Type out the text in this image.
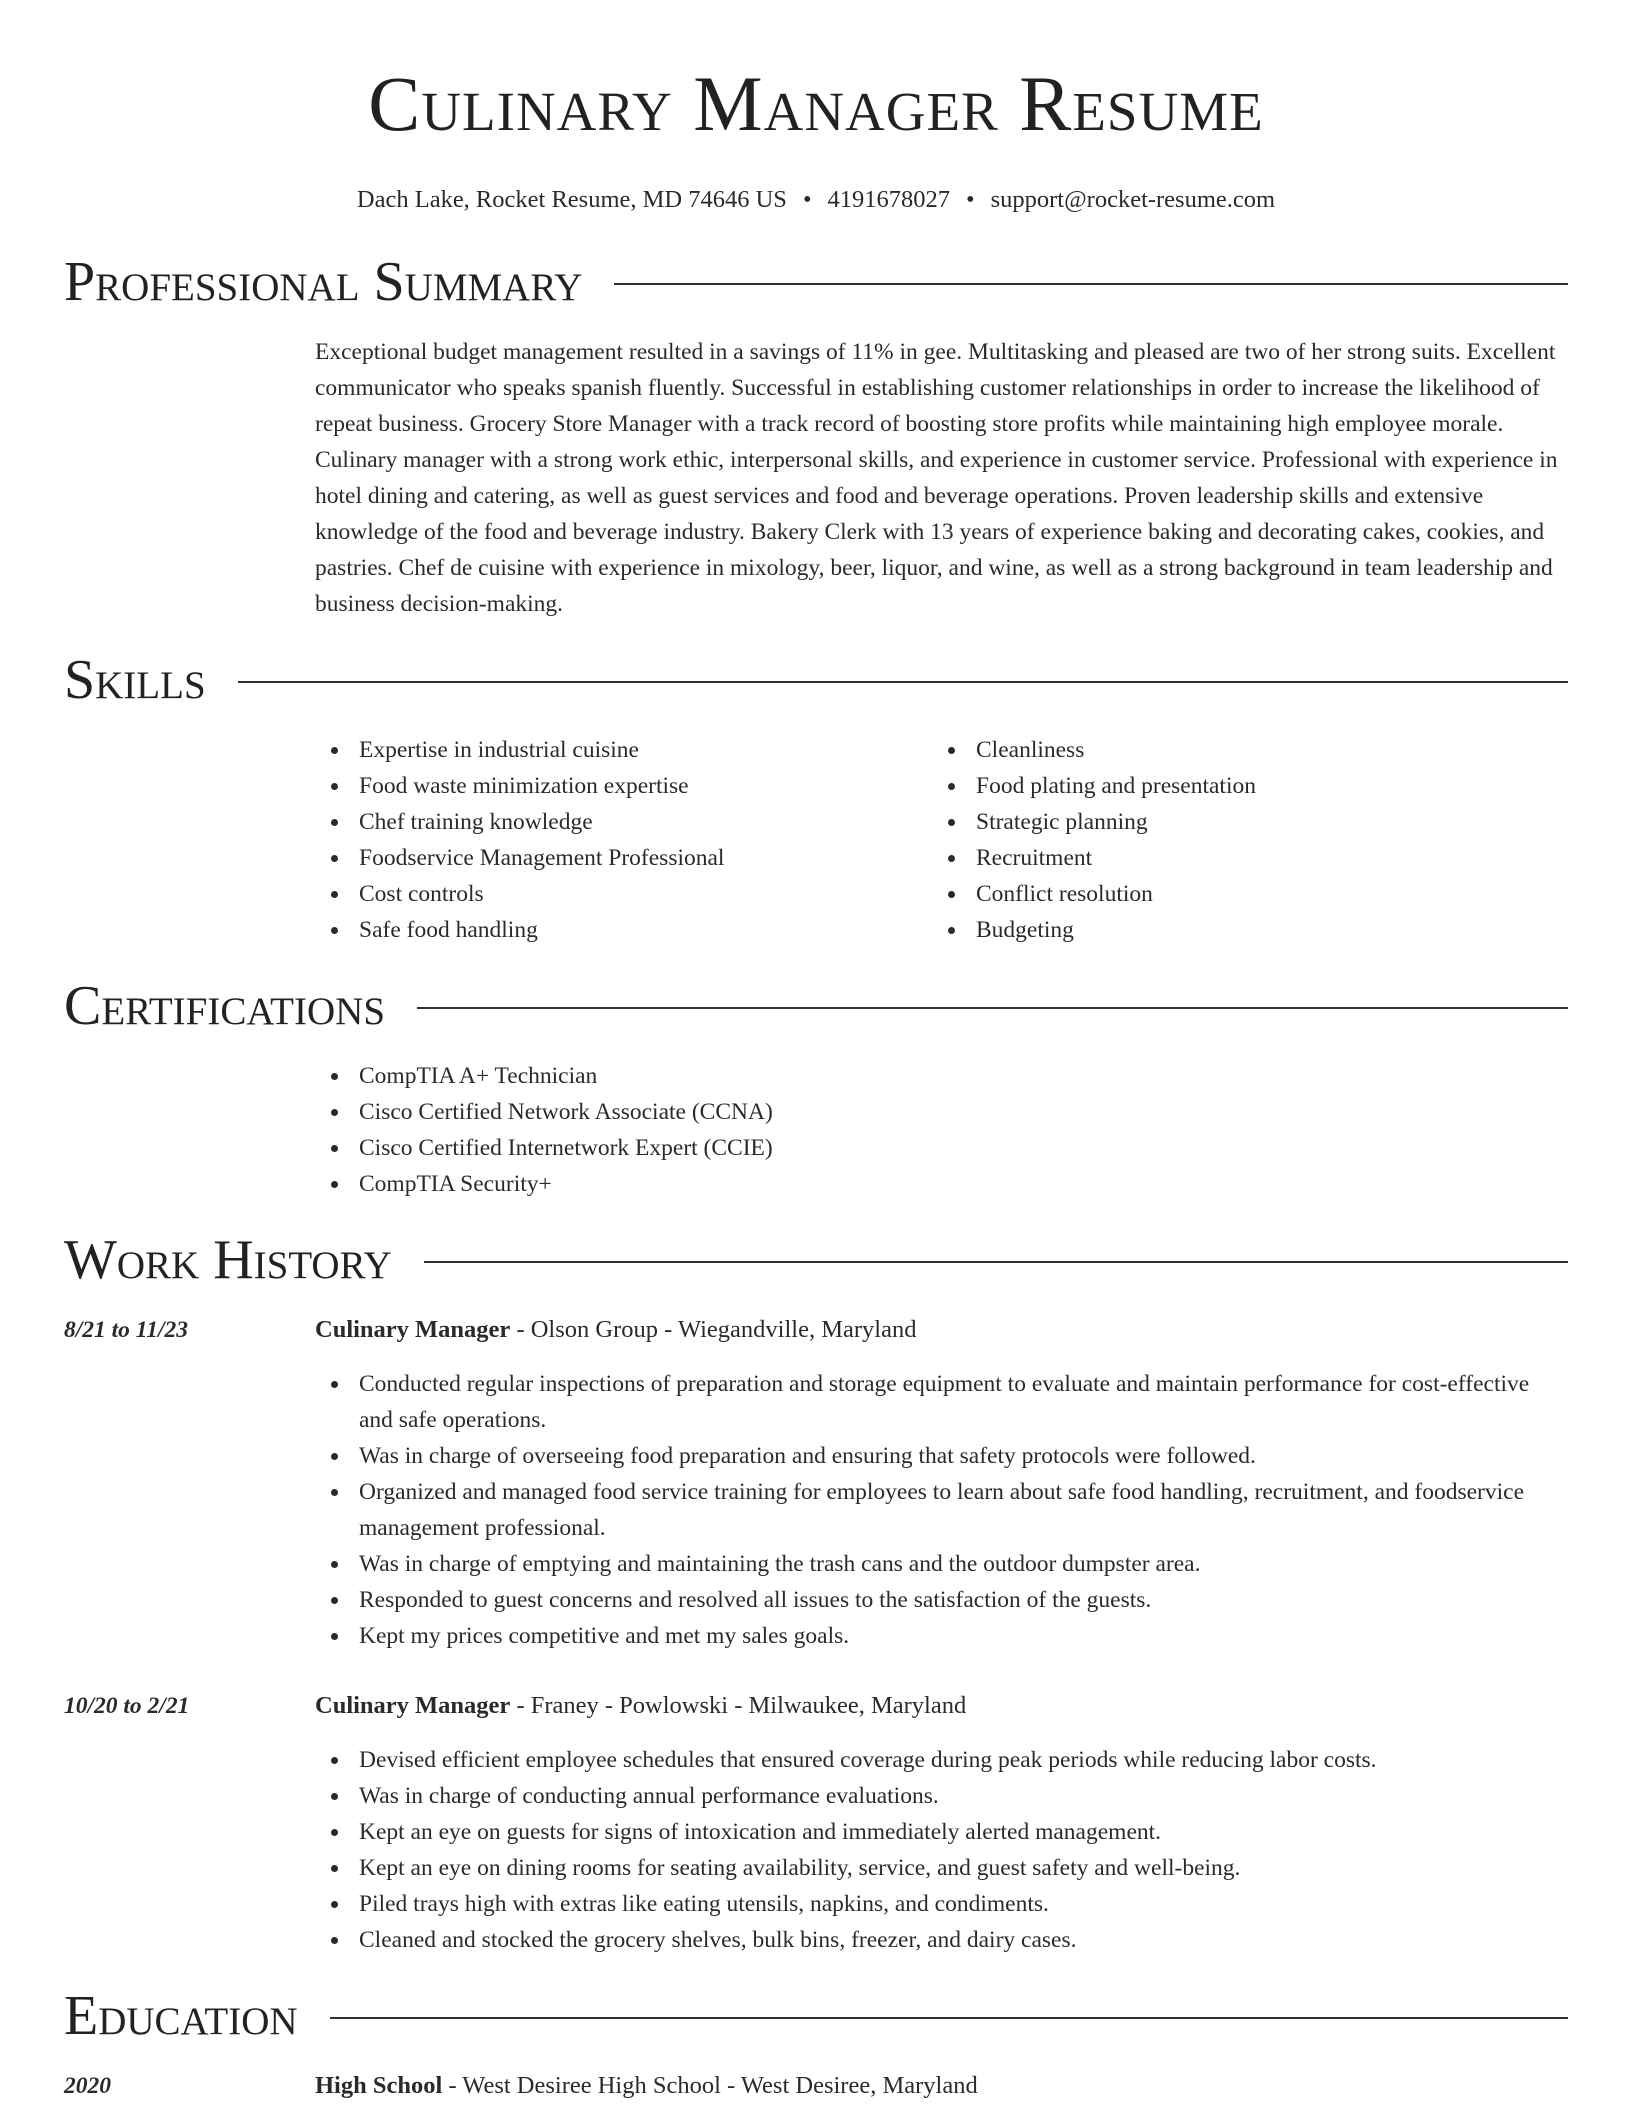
Culinary Manager Resume
Dach Lake, Rocket Resume, MD 74646 US • 4191678027 • support@rocket-resume.com
Professional Summary
Exceptional budget management resulted in a savings of 11% in gee. Multitasking and pleased are two of her strong suits. Excellent communicator who speaks spanish fluently. Successful in establishing customer relationships in order to increase the likelihood of repeat business. Grocery Store Manager with a track record of boosting store profits while maintaining high employee morale. Culinary manager with a strong work ethic, interpersonal skills, and experience in customer service. Professional with experience in hotel dining and catering, as well as guest services and food and beverage operations. Proven leadership skills and extensive knowledge of the food and beverage industry. Bakery Clerk with 13 years of experience baking and decorating cakes, cookies, and pastries. Chef de cuisine with experience in mixology, beer, liquor, and wine, as well as a strong background in team leadership and business decision-making.
Skills
Expertise in industrial cuisine
Food waste minimization expertise
Chef training knowledge
Foodservice Management Professional
Cost controls
Safe food handling
Cleanliness
Food plating and presentation
Strategic planning
Recruitment
Conflict resolution
Budgeting
Certifications
CompTIA A+ Technician
Cisco Certified Network Associate (CCNA)
Cisco Certified Internetwork Expert (CCIE)
CompTIA Security+
Work History
8/21 to 11/23	Culinary Manager - Olson Group - Wiegandville, Maryland
Conducted regular inspections of preparation and storage equipment to evaluate and maintain performance for cost-effective and safe operations.
Was in charge of overseeing food preparation and ensuring that safety protocols were followed.
Organized and managed food service training for employees to learn about safe food handling, recruitment, and foodservice management professional.
Was in charge of emptying and maintaining the trash cans and the outdoor dumpster area.
Responded to guest concerns and resolved all issues to the satisfaction of the guests.
Kept my prices competitive and met my sales goals.
10/20 to 2/21	Culinary Manager - Franey - Powlowski - Milwaukee, Maryland
Devised efficient employee schedules that ensured coverage during peak periods while reducing labor costs.
Was in charge of conducting annual performance evaluations.
Kept an eye on guests for signs of intoxication and immediately alerted management.
Kept an eye on dining rooms for seating availability, service, and guest safety and well-being.
Piled trays high with extras like eating utensils, napkins, and condiments.
Cleaned and stocked the grocery shelves, bulk bins, freezer, and dairy cases.
Education
2020	High School - West Desiree High School - West Desiree, Maryland
